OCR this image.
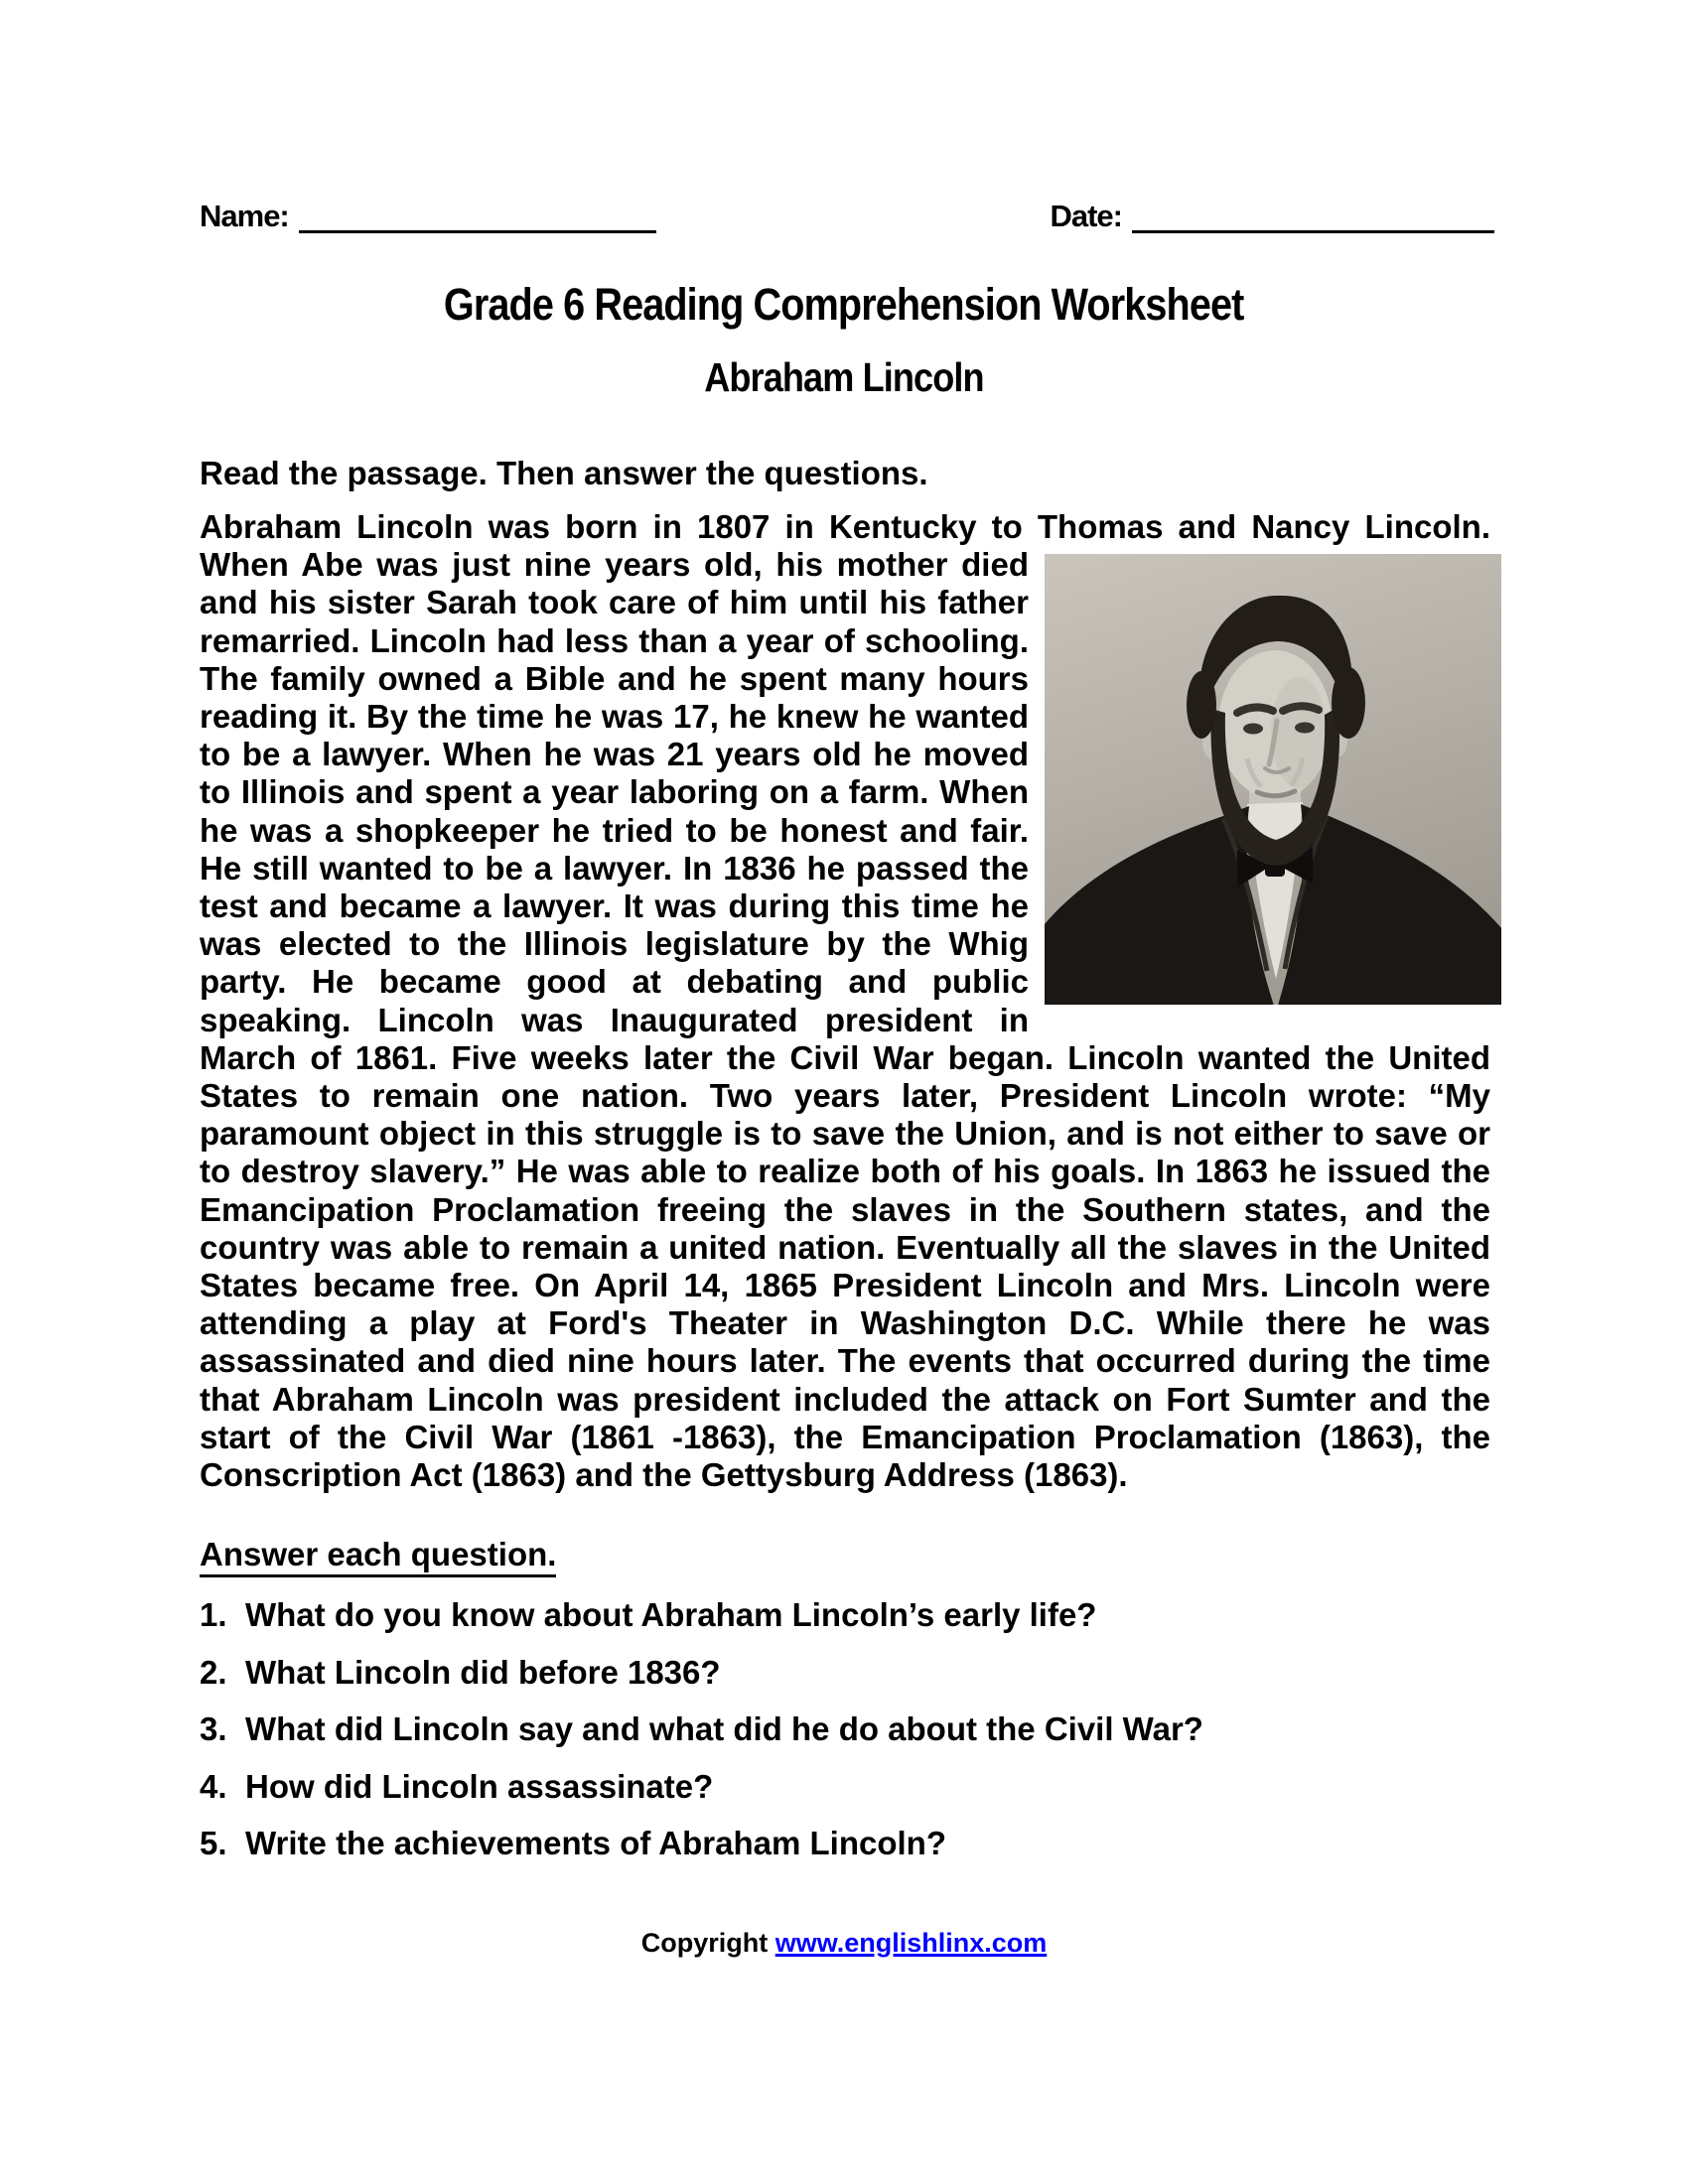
Name:	Date:
Grade 6 Reading Comprehension Worksheet
Abraham Lincoln

Read the passage. Then answer the questions.

Abraham Lincoln was born in 1807 in Kentucky to Thomas and Nancy Lincoln.
When Abe was just nine years old, his mother died and his sister Sarah took care of him until his father remarried. Lincoln had less than a year of schooling. The family owned a Bible and he spent many hours reading it. By the time he was 17, he knew he wanted to be a lawyer. When he was 21 years old he moved to Illinois and spent a year laboring on a farm. When he was a shopkeeper he tried to be honest and fair. He still wanted to be a lawyer. In 1836 he passed the test and became a lawyer. It was during this time he was elected to the Illinois legislature by the Whig party. He became good at debating and public speaking. Lincoln was Inaugurated president in March of 1861. Five weeks later the Civil War began. Lincoln wanted the United States to remain one nation. Two years later, President Lincoln wrote: “My paramount object in this struggle is to save the Union, and is not either to save or to destroy slavery.” He was able to realize both of his goals. In 1863 he issued the Emancipation Proclamation freeing the slaves in the Southern states, and the country was able to remain a united nation. Eventually all the slaves in the United States became free. On April 14, 1865 President Lincoln and Mrs. Lincoln were attending a play at Ford's Theater in Washington D.C. While there he was assassinated and died nine hours later. The events that occurred during the time that Abraham Lincoln was president included the attack on Fort Sumter and the start of the Civil War (1861 -1863), the Emancipation Proclamation (1863), the Conscription Act (1863) and the Gettysburg Address (1863).

Answer each question.
1. What do you know about Abraham Lincoln’s early life?
2. What Lincoln did before 1836?
3. What did Lincoln say and what did he do about the Civil War?
4. How did Lincoln assassinate?
5. Write the achievements of Abraham Lincoln?
Copyright www.englishlinx.com
